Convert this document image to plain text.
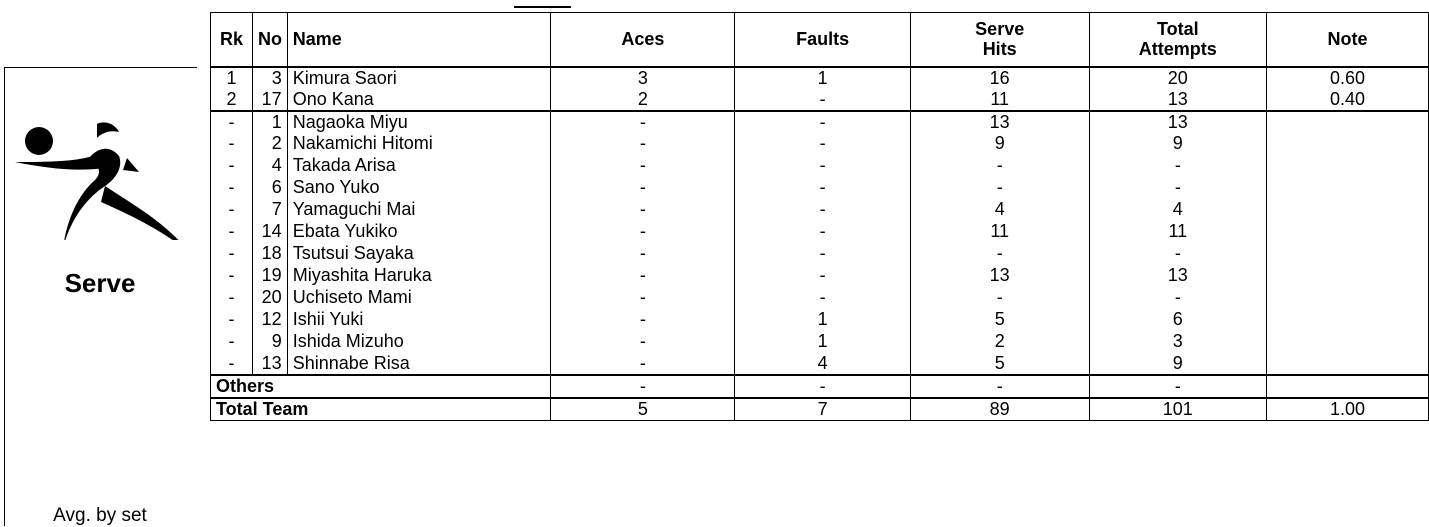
Serve
Avg. by set
Rk	No	Name	Aces	Faults	Serve
Hits	Total
Attempts	Note
1	3	Kimura Saori	3	1	16	20	0.60
2	17	Ono Kana	2	-	11	13	0.40
-	1	Nagaoka Miyu	-	-	13	13	
-	2	Nakamichi Hitomi	-	-	9	9	
-	4	Takada Arisa	-	-	-	-	
-	6	Sano Yuko	-	-	-	-	
-	7	Yamaguchi Mai	-	-	4	4	
-	14	Ebata Yukiko	-	-	11	11	
-	18	Tsutsui Sayaka	-	-	-	-	
-	19	Miyashita Haruka	-	-	13	13	
-	20	Uchiseto Mami	-	-	-	-	
-	12	Ishii Yuki	-	1	5	6	
-	9	Ishida Mizuho	-	1	2	3	
-	13	Shinnabe Risa	-	4	5	9	
Others			-	-	-	-	
Total Team			5	7	89	101	1.00
